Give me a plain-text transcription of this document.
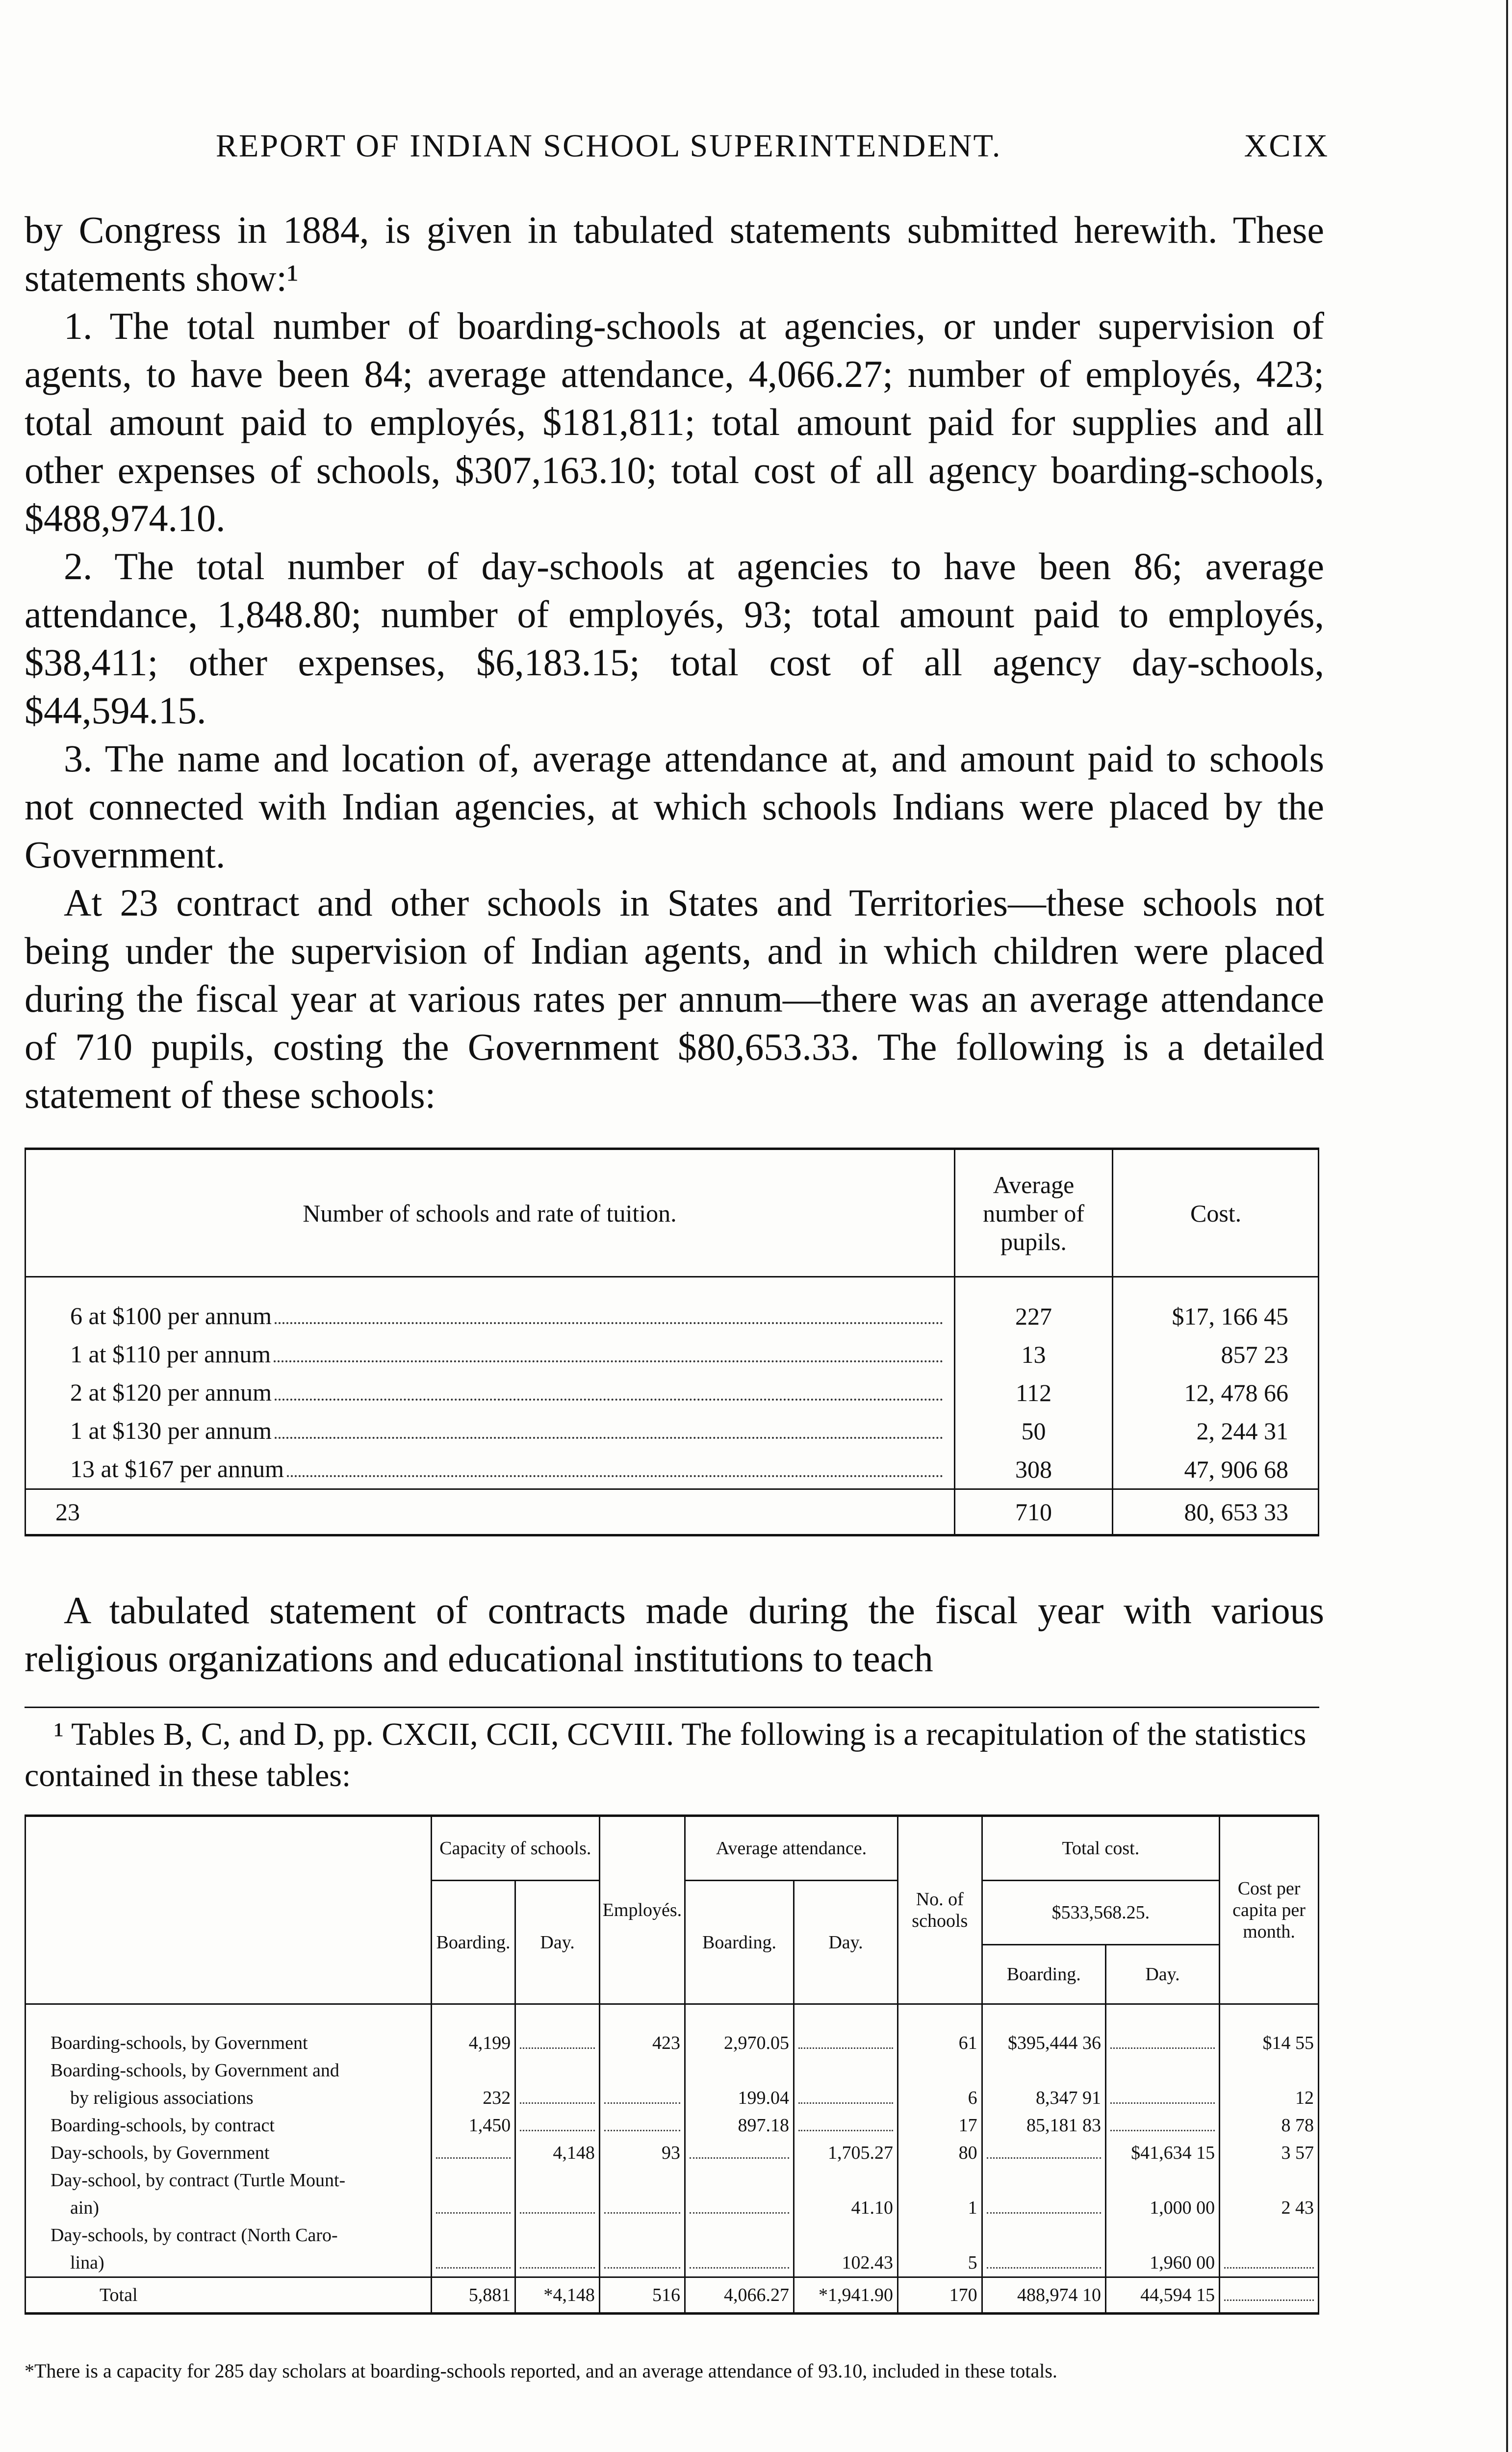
REPORT OF INDIAN SCHOOL SUPERINTENDENT.	XCIX

by Congress in 1884, is given in tabulated statements submitted herewith. These statements show:¹

1. The total number of boarding-schools at agencies, or under supervision of agents, to have been 84; average attendance, 4,066.27; number of employés, 423; total amount paid to employés, $181,811; total amount paid for supplies and all other expenses of schools, $307,163.10; total cost of all agency boarding-schools, $488,974.10.

2. The total number of day-schools at agencies to have been 86; average attendance, 1,848.80; number of employés, 93; total amount paid to employés, $38,411; other expenses, $6,183.15; total cost of all agency day-schools, $44,594.15.

3. The name and location of, average attendance at, and amount paid to schools not connected with Indian agencies, at which schools Indians were placed by the Government.

At 23 contract and other schools in States and Territories—these schools not being under the supervision of Indian agents, and in which children were placed during the fiscal year at various rates per annum—there was an average attendance of 710 pupils, costing the Government $80,653.33. The following is a detailed statement of these schools:

Number of schools and rate of tuition.	Average number of pupils.	Cost.

6 at $100 per annum	227	$17, 166 45

1 at $110 per annum	13	857 23

2 at $120 per annum	112	12, 478 66

1 at $130 per annum	50	2, 244 31

13 at $167 per annum	308	47, 906 68
23	710	80, 653 33

A tabulated statement of contracts made during the fiscal year with various religious organizations and educational institutions to teach

¹ Tables B, C, and D, pp. CXCII, CCII, CCVIII. The following is a recapitulation of the statistics contained in these tables:

	Capacity of schools.		Employés.	Average attendance.		No. of schools	Total cost.		Cost per capita per month.
	Boarding.	Day.		Boarding.	Day.		$533,568.25.		
							Boarding.	Day.	

Boarding-schools, by Government	4,199		423	2,970.05		61	$395,444 36		$14 55
Boarding-schools, by Government and									
by religious associations	232			199.04		6	8,347 91		12
Boarding-schools, by contract	1,450			897.18		17	85,181 83		8 78
Day-schools, by Government		4,148	93		1,705.27	80		$41,634 15	3 57
Day-school, by contract (Turtle Mount-									
ain)					41.10	1		1,000 00	2 43
Day-schools, by contract (North Caro-									
lina)					102.43	5		1,960 00	
Total	5,881	*4,148	516	4,066.27	*1,941.90	170	488,974 10	44,594 15	

*There is a capacity for 285 day scholars at boarding-schools reported, and an average attendance of 93.10, included in these totals.
